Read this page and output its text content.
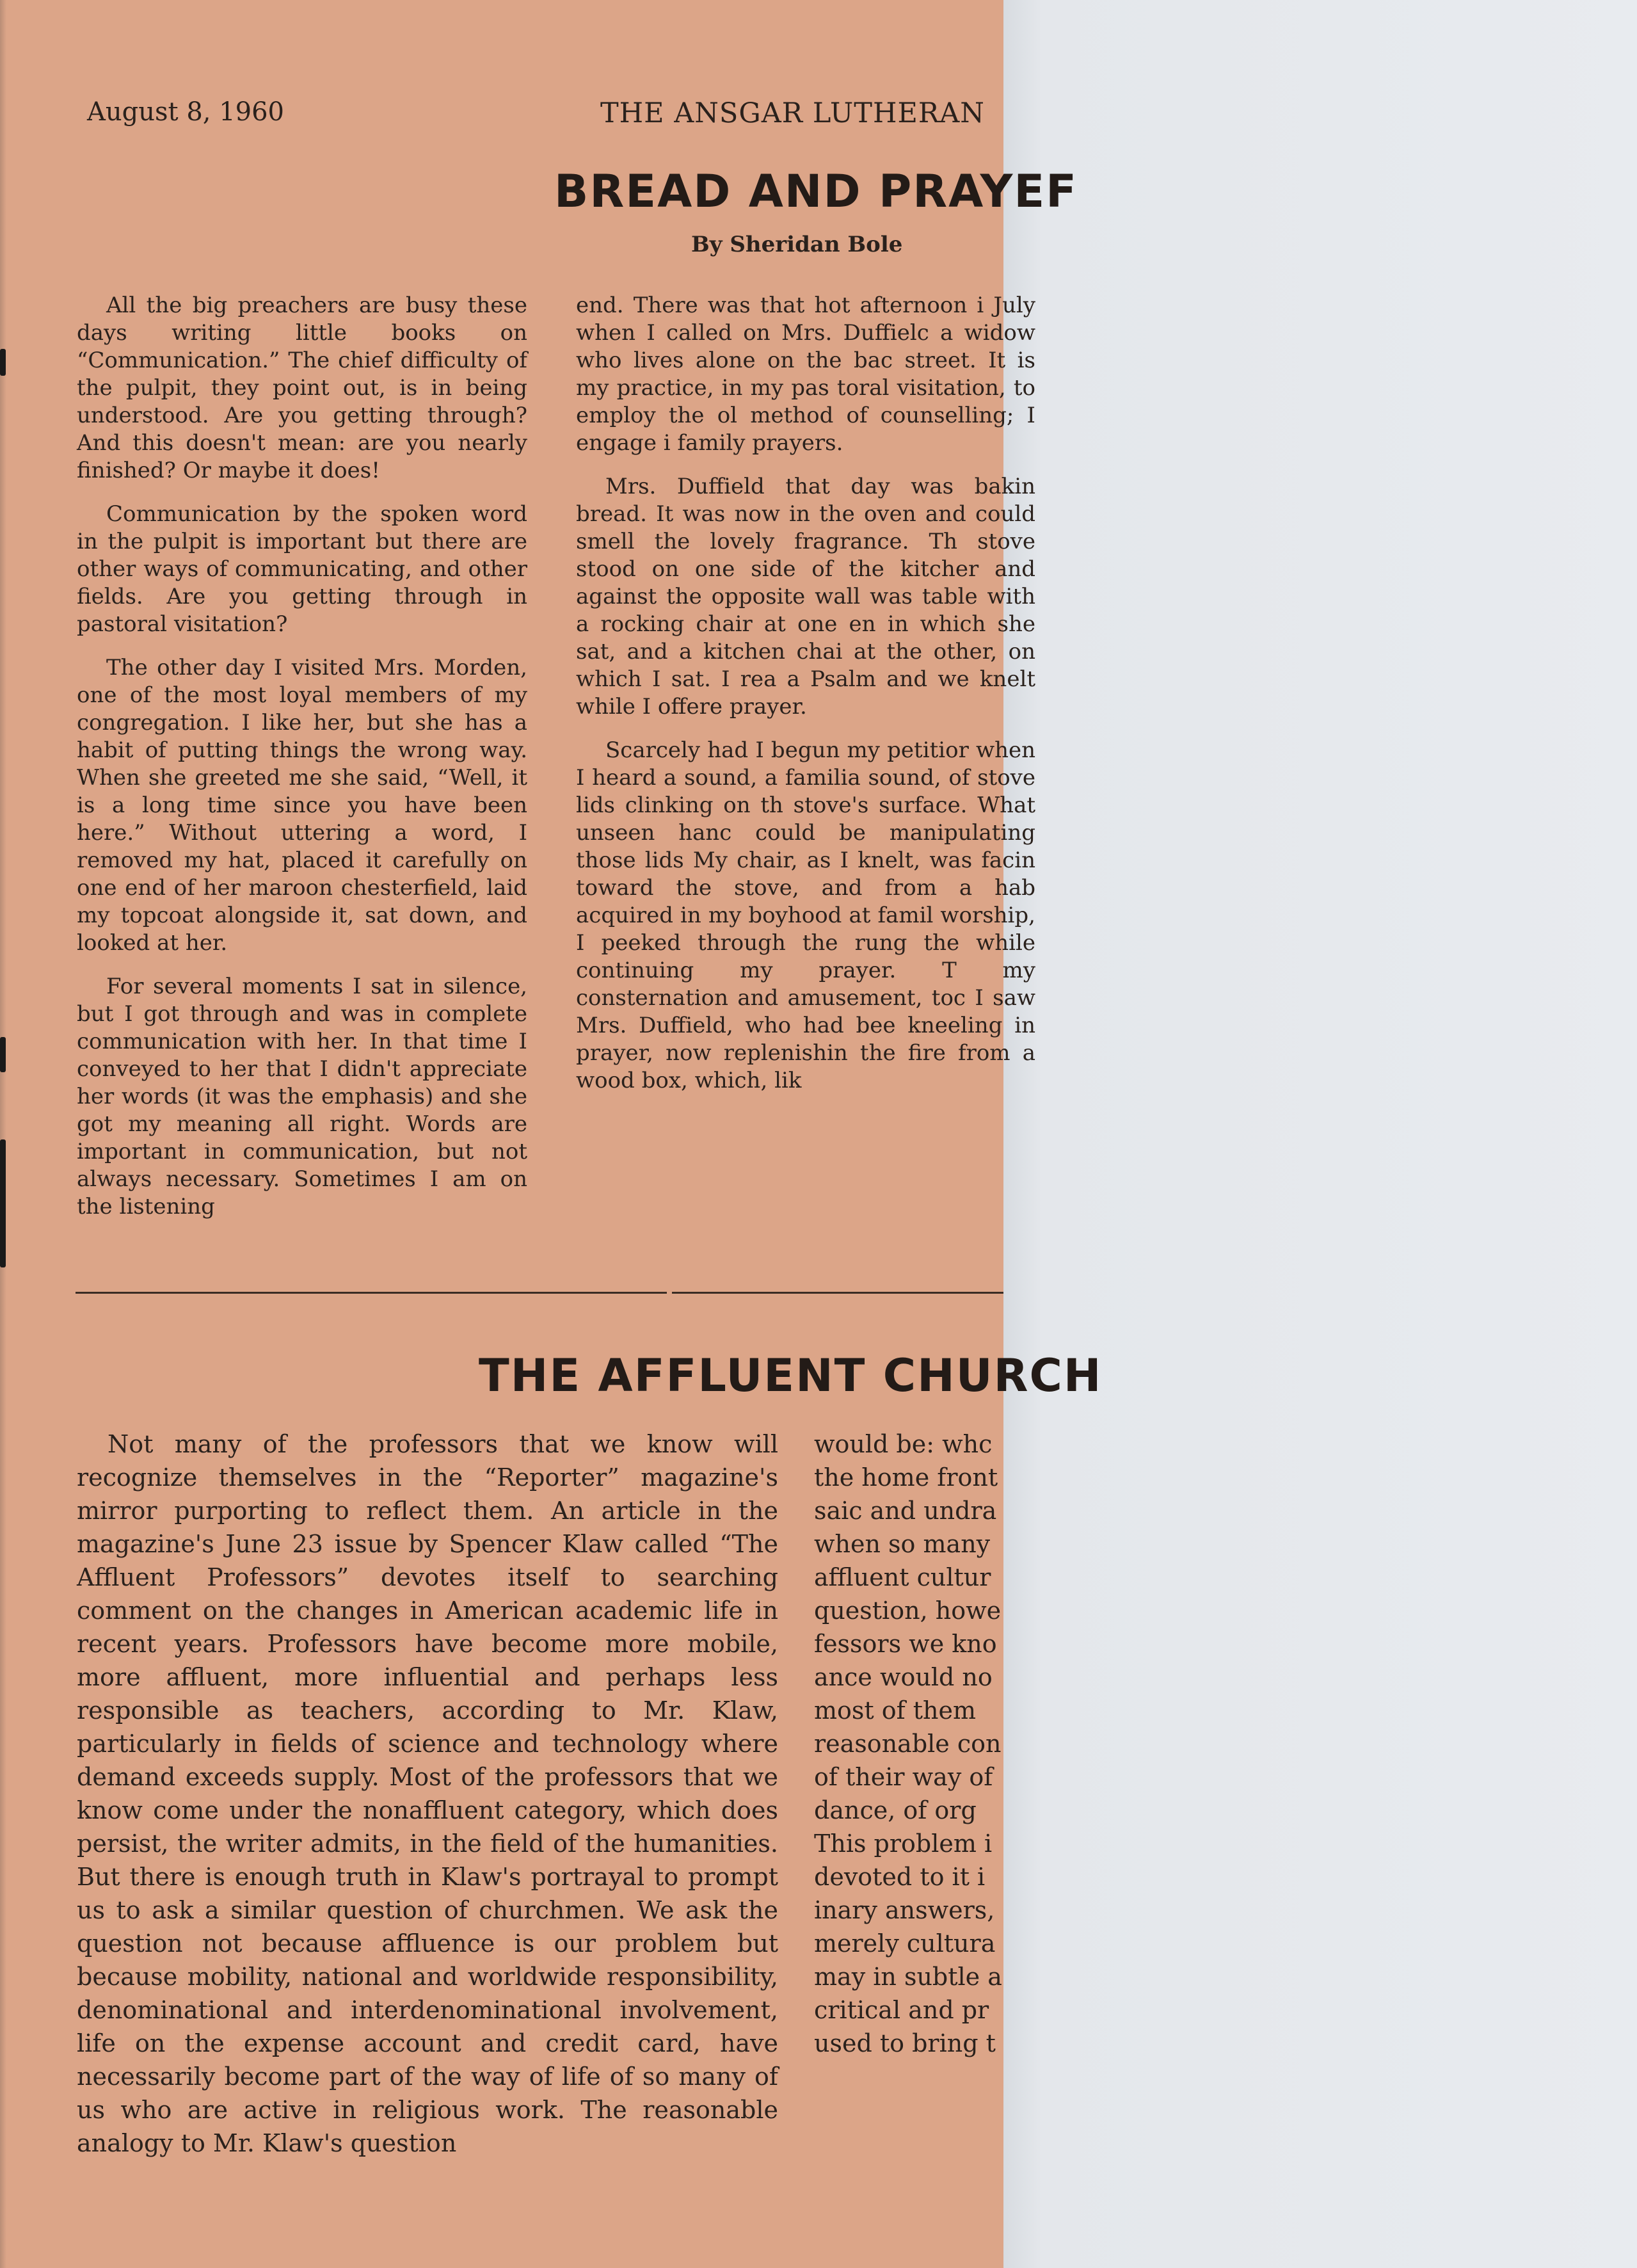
August 8, 1960	THE ANSGAR LUTHERAN
BREAD AND PRAYEF
By Sheridan Bole

All the big preachers are busy these days writing little books on “Communication.” The chief difficulty of the pulpit, they point out, is in being understood. Are you getting through? And this doesn't mean: are you nearly finished? Or maybe it does!

Communication by the spoken word in the pulpit is important but there are other ways of communicating, and other fields. Are you getting through in pastoral visitation?

The other day I visited Mrs. Morden, one of the most loyal members of my congregation. I like her, but she has a habit of putting things the wrong way. When she greeted me she said, “Well, it is a long time since you have been here.” Without uttering a word, I removed my hat, placed it carefully on one end of her maroon chesterfield, laid my topcoat alongside it, sat down, and looked at her.

For several moments I sat in silence, but I got through and was in complete communication with her. In that time I conveyed to her that I didn't appreciate her words (it was the emphasis) and she got my meaning all right. Words are important in communication, but not always necessary. Sometimes I am on the listening

end. There was that hot afternoon i July when I called on Mrs. Duffielc a widow who lives alone on the bac street. It is my practice, in my pas toral visitation, to employ the ol method of counselling; I engage i family prayers.

Mrs. Duffield that day was bakin bread. It was now in the oven and could smell the lovely fragrance. Th stove stood on one side of the kitcher and against the opposite wall was table with a rocking chair at one en in which she sat, and a kitchen chai at the other, on which I sat. I rea a Psalm and we knelt while I offere prayer.

Scarcely had I begun my petitior when I heard a sound, a familia sound, of stove lids clinking on th stove's surface. What unseen hanc could be manipulating those lids My chair, as I knelt, was facin toward the stove, and from a hab acquired in my boyhood at famil worship, I peeked through the rung the while continuing my prayer. T my consternation and amusement, toc I saw Mrs. Duffield, who had bee kneeling in prayer, now replenishin the fire from a wood box, which, lik

THE AFFLUENT CHURCH

Not many of the professors that we know will recognize themselves in the “Reporter” magazine's mirror purporting to reflect them. An article in the magazine's June 23 issue by Spencer Klaw called “The Affluent Professors” devotes itself to searching comment on the changes in American academic life in recent years. Professors have become more mobile, more affluent, more influential and perhaps less responsible as teachers, according to Mr. Klaw, particularly in fields of science and technology where demand exceeds supply. Most of the professors that we know come under the nonaffluent category, which does persist, the writer admits, in the field of the humanities. But there is enough truth in Klaw's portrayal to prompt us to ask a similar question of churchmen. We ask the question not because affluence is our problem but because mobility, national and worldwide responsibility, denominational and interdenominational involvement, life on the expense account and credit card, have necessarily become part of the way of life of so many of us who are active in religious work. The reasonable analogy to Mr. Klaw's question

would be: whc the home front saic and undra when so many affluent cultur question, howe fessors we kno ance would no most of them reasonable con of their way of dance, of org This problem i devoted to it i inary answers, merely cultura may in subtle a critical and pr used to bring t
